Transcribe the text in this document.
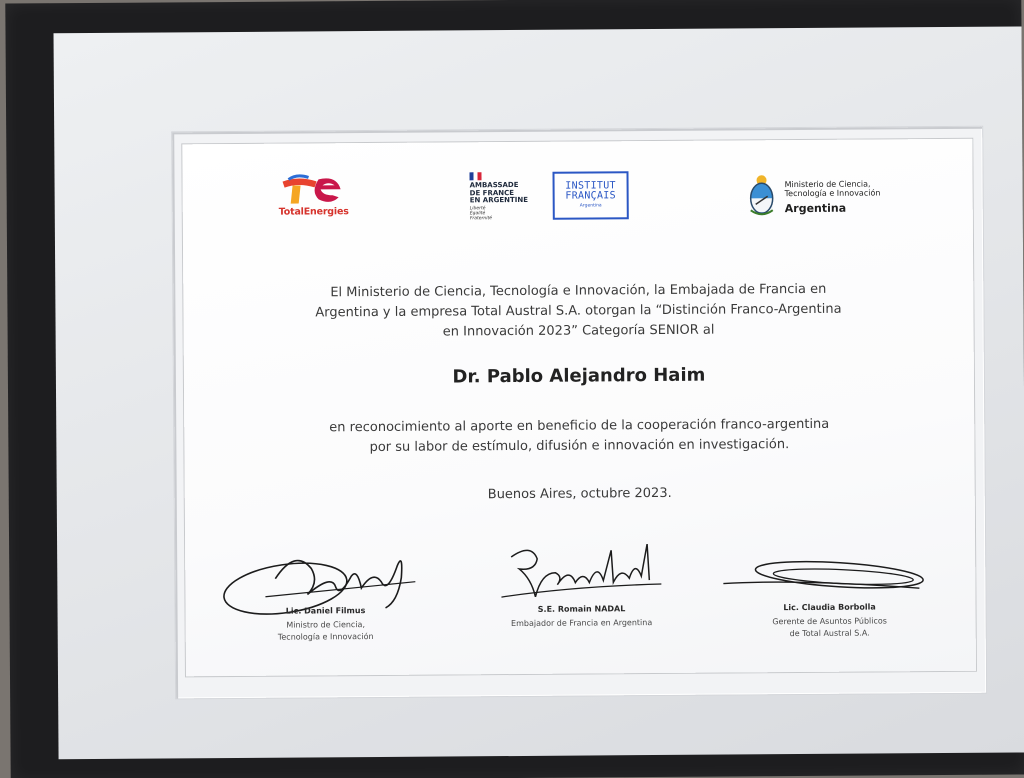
TotalEnergies
AMBASSADE
DE FRANCE
EN ARGENTINE
Liberté
Égalité
Fraternité
INSTITUT
FRANÇAIS
Argentina
Ministerio de Ciencia,
Tecnología e Innovación
Argentina
El Ministerio de Ciencia, Tecnología e Innovación, la Embajada de Francia en
Argentina y la empresa Total Austral S.A. otorgan la “Distinción Franco-Argentina
en Innovación 2023” Categoría SENIOR al
Dr. Pablo Alejandro Haim
en reconocimiento al aporte en beneficio de la cooperación franco-argentina
por su labor de estímulo, difusión e innovación en investigación.
Buenos Aires, octubre 2023.
Lic. Daniel Filmus
Ministro de Ciencia,
Tecnología e Innovación
S.E. Romain NADAL
Embajador de Francia en Argentina
Lic. Claudia Borbolla
Gerente de Asuntos Públicos
de Total Austral S.A.
